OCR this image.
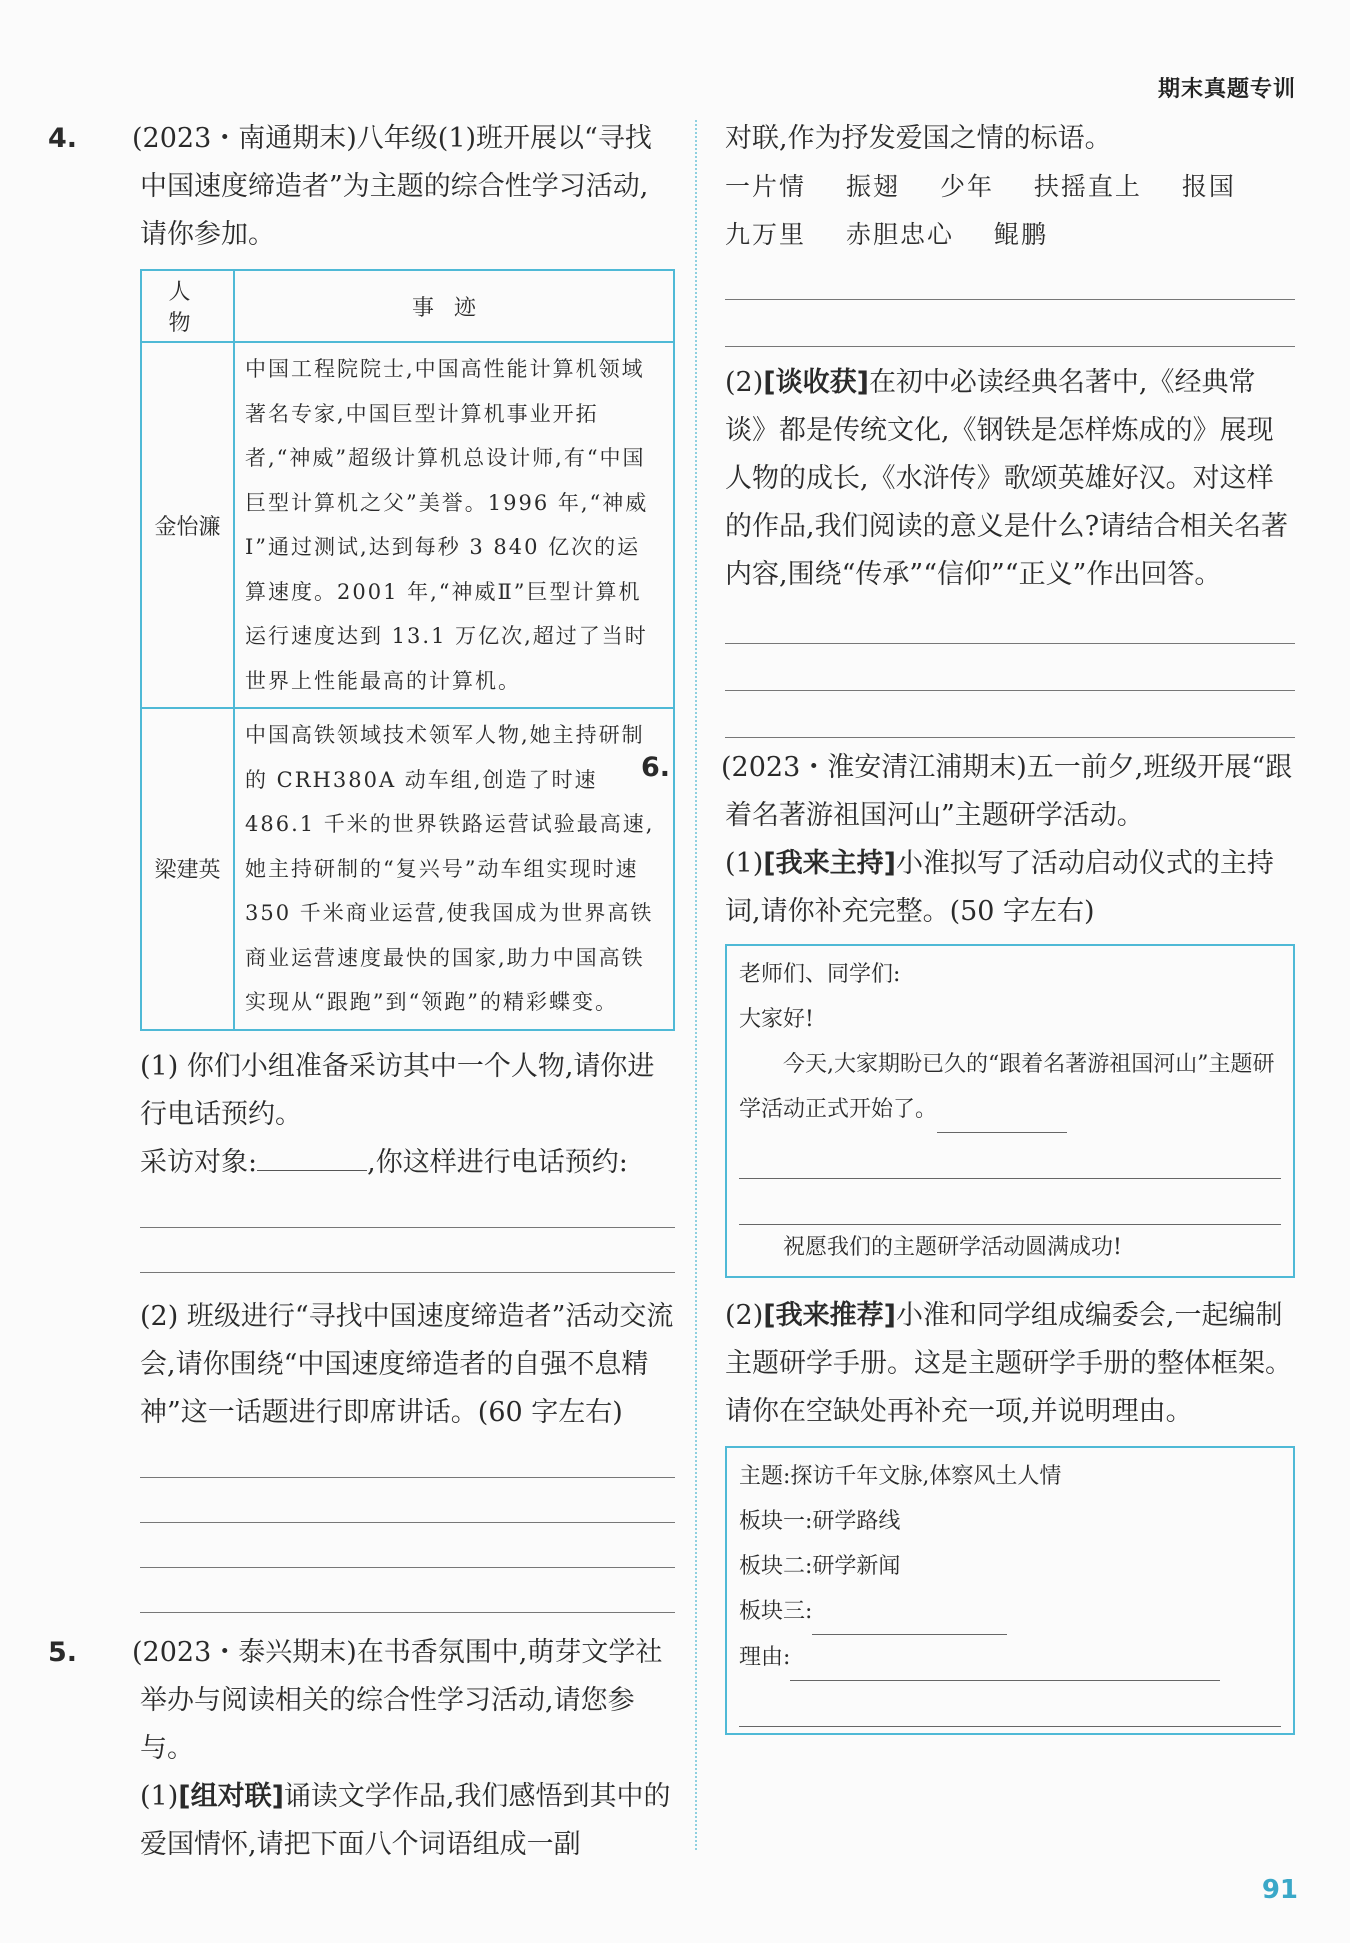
期末真题专训

4. (2023・南通期末)八年级(1)班开展以“寻找中国速度缔造者”为主题的综合性学习活动,请你参加。

人物	事迹
金怡濂	中国工程院院士,中国高性能计算机领域著名专家,中国巨型计算机事业开拓者,“神威”超级计算机总设计师,有“中国巨型计算机之父”美誉。1996 年,“神威Ⅰ”通过测试,达到每秒 3 840 亿次的运算速度。2001 年,“神威Ⅱ”巨型计算机运行速度达到 13.1 万亿次,超过了当时世界上性能最高的计算机。
梁建英	中国高铁领域技术领军人物,她主持研制的 CRH380A 动车组,创造了时速 486.1 千米的世界铁路运营试验最高速,她主持研制的“复兴号”动车组实现时速 350 千米商业运营,使我国成为世界高铁商业运营速度最快的国家,助力中国高铁实现从“跟跑”到“领跑”的精彩蝶变。

(1) 你们小组准备采访其中一个人物,请你进行电话预约。

采访对象:	,你这样进行电话预约:

(2) 班级进行“寻找中国速度缔造者”活动交流会,请你围绕“中国速度缔造者的自强不息精神”这一话题进行即席讲话。(60 字左右)

5. (2023・泰兴期末)在书香氛围中,萌芽文学社举办与阅读相关的综合性学习活动,请您参与。

(1)[组对联]诵读文学作品,我们感悟到其中的爱国情怀,请把下面八个词语组成一副

对联,作为抒发爱国之情的标语。

一片情 振翅 少年 扶摇直上 报国
九万里 赤胆忠心 鲲鹏

(2)[谈收获]在初中必读经典名著中,《经典常谈》都是传统文化,《钢铁是怎样炼成的》展现人物的成长,《水浒传》歌颂英雄好汉。对这样的作品,我们阅读的意义是什么?请结合相关名著内容,围绕“传承”“信仰”“正义”作出回答。

6. (2023・淮安清江浦期末)五一前夕,班级开展“跟着名著游祖国河山”主题研学活动。

(1)[我来主持]小淮拟写了活动启动仪式的主持词,请你补充完整。(50 字左右)

老师们、同学们:
大家好!
今天,大家期盼已久的“跟着名著游祖国河山”主题研学活动正式开始了。
祝愿我们的主题研学活动圆满成功!

(2)[我来推荐]小淮和同学组成编委会,一起编制主题研学手册。这是主题研学手册的整体框架。请你在空缺处再补充一项,并说明理由。

主题:探访千年文脉,体察风土人情
板块一:研学路线
板块二:研学新闻
板块三:
理由:
91
